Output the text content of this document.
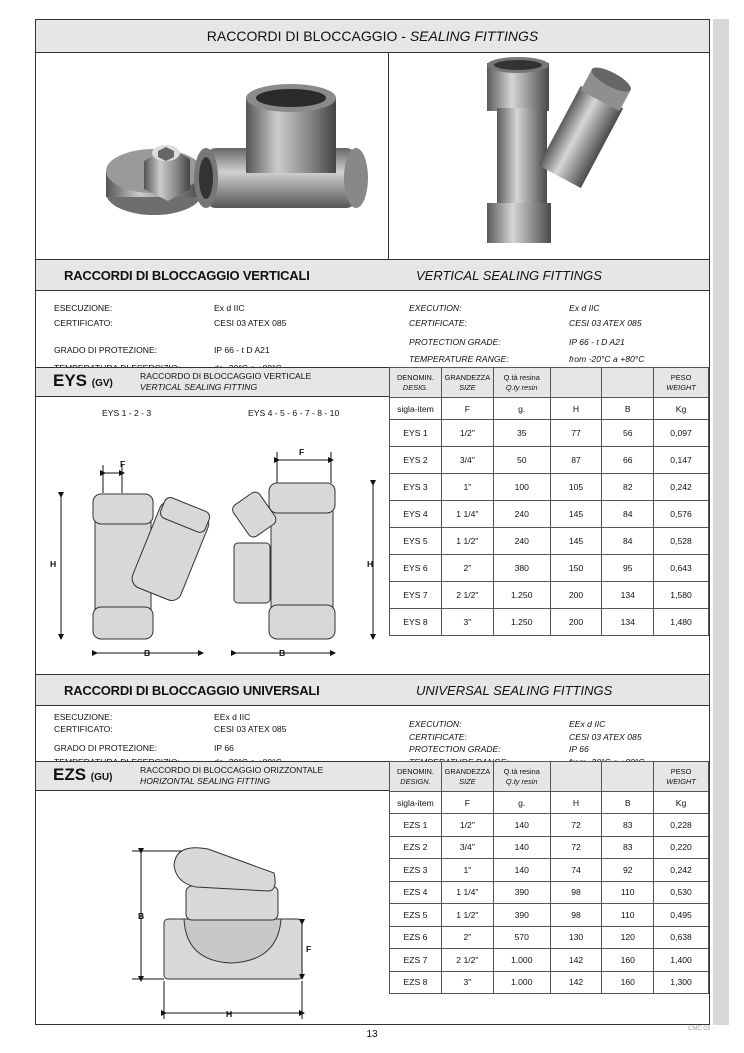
RACCORDI DI BLOCCAGGIO - SEALING FITTINGS
RACCORDI DI BLOCCAGGIO VERTICALI	VERTICAL SEALING FITTINGS
ESECUZIONE:	Ex d IIC
CERTIFICATO:	CESI 03 ATEX 085
GRADO DI PROTEZIONE:	IP 66 - t D A21
EXECUTION:	Ex d IIC
CERTIFICATE:	CESI 03 ATEX 085
PROTECTION GRADE:	IP 66 - t D A21
TEMPERATURE RANGE:	from -20°C a +80°C
EYS (GV)
RACCORDO DI BLOCCAGGIO VERTICALE
VERTICAL SEALING FITTING
EYS 1 - 2 - 3	EYS 4 - 5 - 6 - 7 - 8 - 10
F
F
H	H
B	B
DENOMIN.
DESIG.	GRANDEZZA
SIZE	Q.tà resina
Q.ty resin			PESO
WEIGHT
sigla-item	F	g.	H	B	Kg
EYS 1	1/2"	35	77	56	0,097
EYS 2	3/4"	50	87	66	0,147
EYS 3	1"	100	105	82	0,242
EYS 4	1 1/4"	240	145	84	0,576
EYS 5	1 1/2"	240	145	84	0,528
EYS 6	2"	380	150	95	0,643
EYS 7	2 1/2"	1.250	200	134	1,580
EYS 8	3"	1.250	200	134	1,480
RACCORDI DI BLOCCAGGIO UNIVERSALI	UNIVERSAL SEALING FITTINGS
ESECUZIONE:	EEx d IIC
CERTIFICATO:	CESI 03 ATEX 085
GRADO DI PROTEZIONE:	IP 66
EXECUTION:	EEx d IIC
CERTIFICATE:	CESI 03 ATEX 085
PROTECTION GRADE:	IP 66
EZS (GU)
RACCORDO DI BLOCCAGGIO ORIZZONTALE
HORIZONTAL SEALING FITTING
B
F
H
DENOMIN.
DESIGN.	GRANDEZZA
SIZE	Q.tà resina
Q.ty resin			PESO
WEIGHT
sigla-item	F	g.	H	B	Kg
EZS 1	1/2"	140	72	83	0,228
EZS 2	3/4"	140	72	83	0,220
EZS 3	1"	140	74	92	0,242
EZS 4	1 1/4"	390	98	110	0,530
EZS 5	1 1/2"	390	98	110	0,495
EZS 6	2"	570	130	120	0,638
EZS 7	2 1/2"	1.000	142	160	1,400
EZS 8	3"	1.000	142	160	1,300
13	CMC 03
